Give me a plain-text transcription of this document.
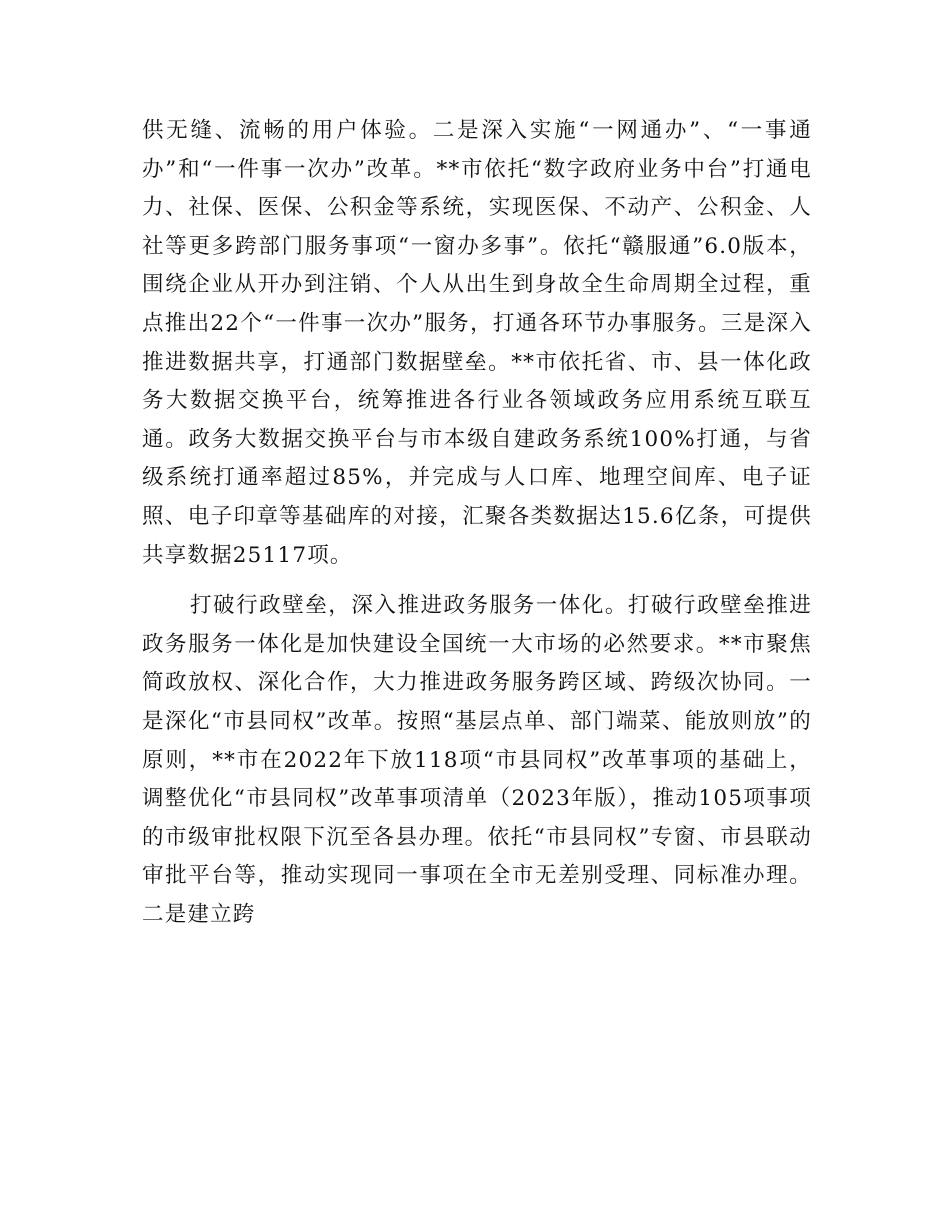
供无缝、流畅的用户体验。二是深入实施“一网通办”、“一事通办”和“一件事一次办”改革。**市依托“数字政府业务中台”打通电力、社保、医保、公积金等系统，实现医保、不动产、公积金、人社等更多跨部门服务事项“一窗办多事”。依托“赣服通”6.0版本，围绕企业从开办到注销、个人从出生到身故全生命周期全过程，重点推出22个“一件事一次办”服务，打通各环节办事服务。三是深入推进数据共享，打通部门数据壁垒。**市依托省、市、县一体化政务大数据交换平台，统筹推进各行业各领域政务应用系统互联互通。政务大数据交换平台与市本级自建政务系统100%打通，与省级系统打通率超过85%，并完成与人口库、地理空间库、电子证照、电子印章等基础库的对接，汇聚各类数据达15.6亿条，可提供共享数据25117项。

打破行政壁垒，深入推进政务服务一体化。打破行政壁垒推进政务服务一体化是加快建设全国统一大市场的必然要求。**市聚焦简政放权、深化合作，大力推进政务服务跨区域、跨级次协同。一是深化“市县同权”改革。按照“基层点单、部门端菜、能放则放”的原则，**市在2022年下放118项“市县同权”改革事项的基础上，调整优化“市县同权”改革事项清单（2023年版），推动105项事项的市级审批权限下沉至各县办理。依托“市县同权”专窗、市县联动审批平台等，推动实现同一事项在全市无差别受理、同标准办理。二是建立跨
